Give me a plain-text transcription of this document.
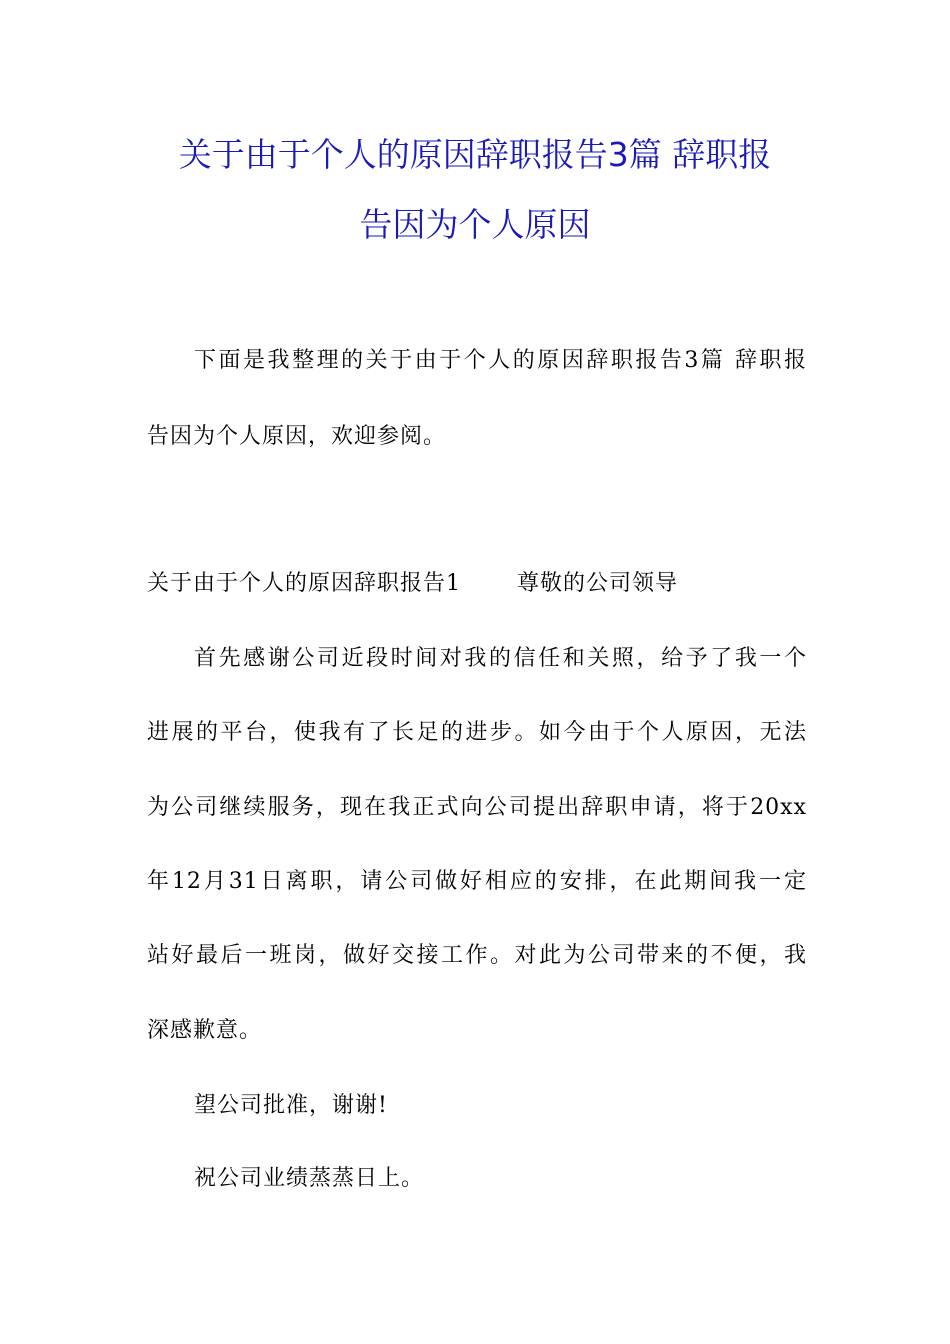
关于由于个人的原因辞职报告3篇 辞职报
告因为个人原因
下面是我整理的关于由于个人的原因辞职报告3篇 辞职报
告因为个人原因，欢迎参阅。
关于由于个人的原因辞职报告1	尊敬的公司领导
首先感谢公司近段时间对我的信任和关照，给予了我一个
进展的平台，使我有了长足的进步。如今由于个人原因，无法
为公司继续服务，现在我正式向公司提出辞职申请，将于20xx
年12月31日离职，请公司做好相应的安排，在此期间我一定
站好最后一班岗，做好交接工作。对此为公司带来的不便，我
深感歉意。
望公司批准，谢谢!
祝公司业绩蒸蒸日上。
